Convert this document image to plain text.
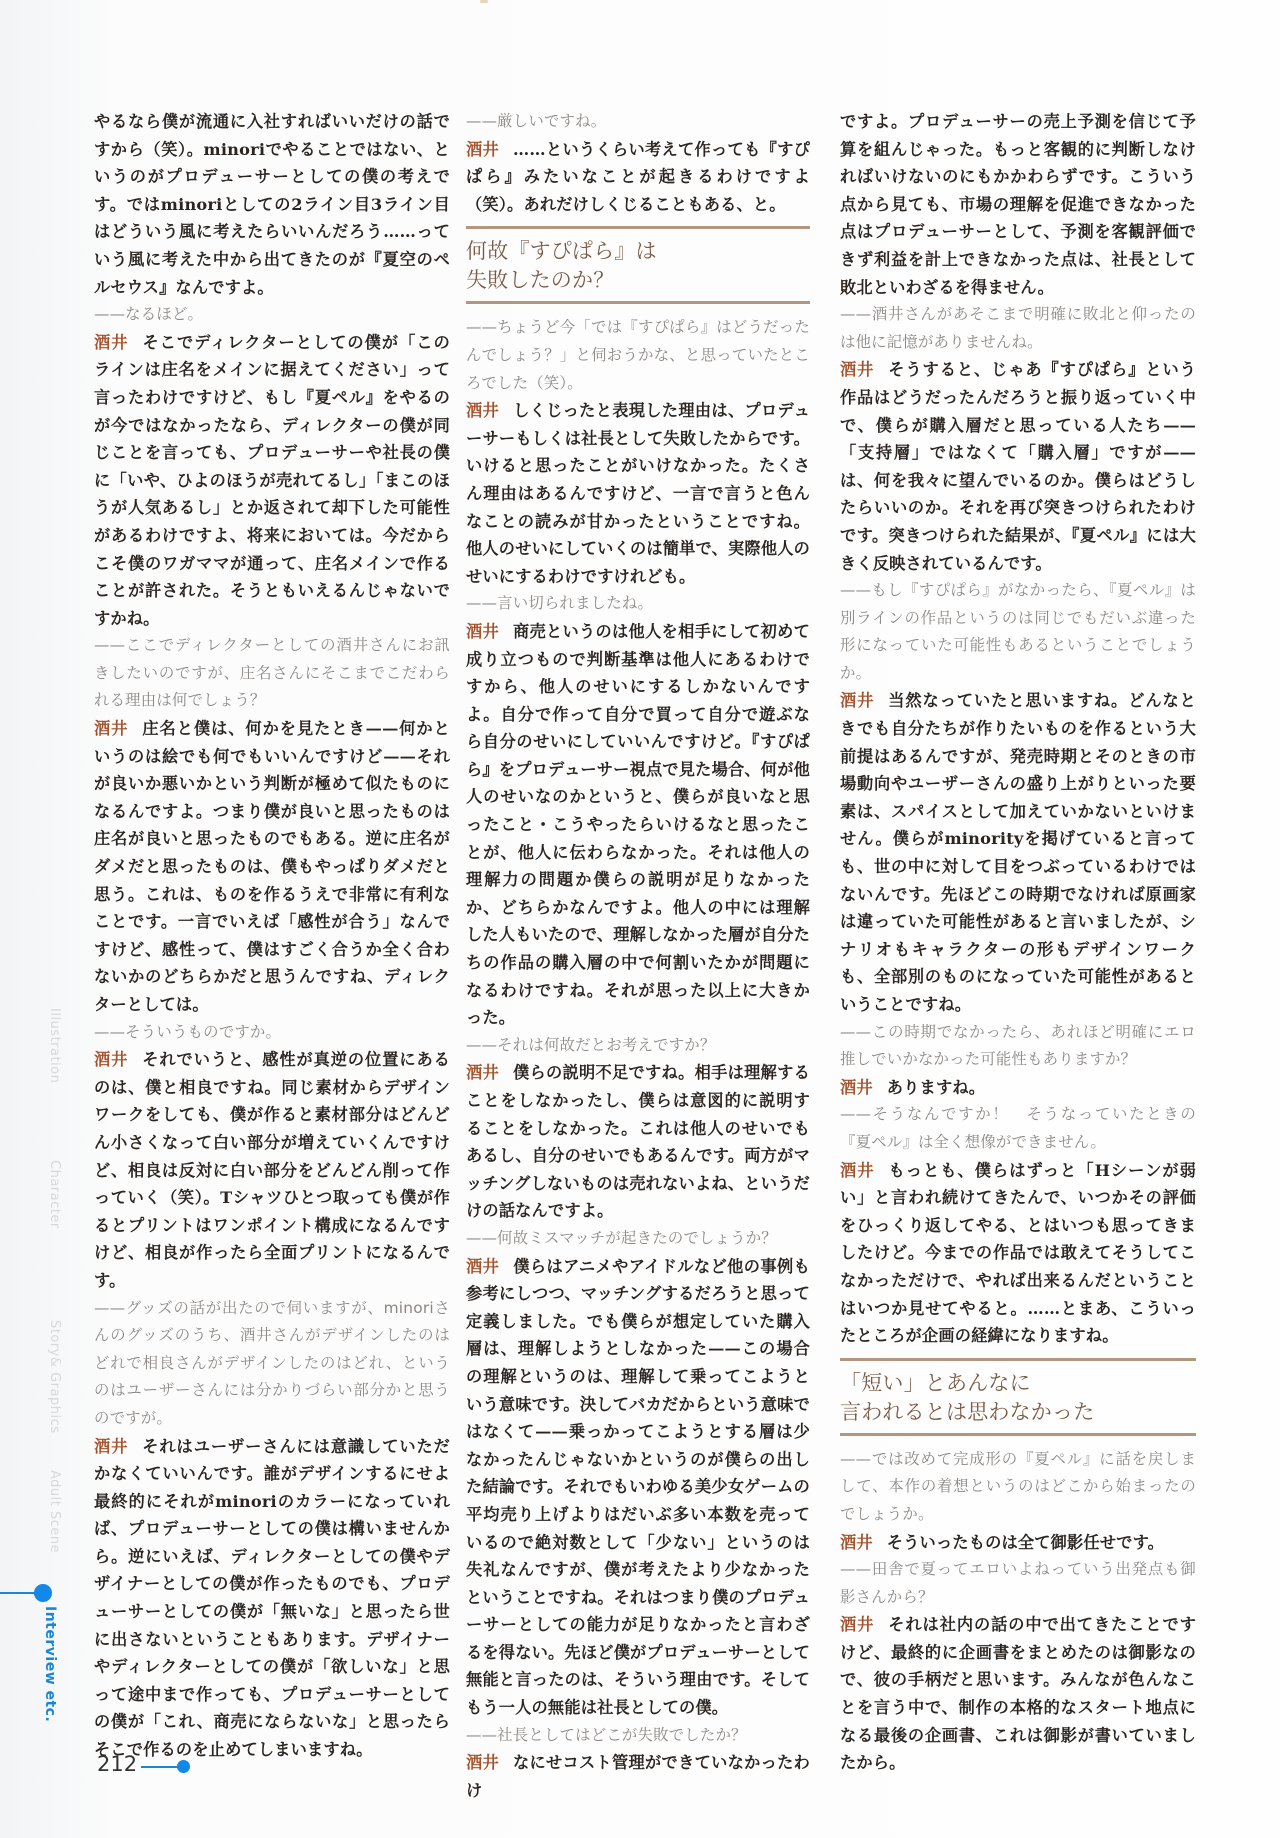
やるなら僕が流通に入社すればいいだけの話ですから（笑）。minoriでやることではない、というのがプロデューサーとしての僕の考えです。ではminoriとしての2ライン目3ライン目はどういう風に考えたらいいんだろう……っていう風に考えた中から出てきたのが『夏空のペルセウス』なんですよ。

——なるほど。

酒井 そこでディレクターとしての僕が「このラインは庄名をメインに据えてください」って言ったわけですけど、もし『夏ペル』をやるのが今ではなかったなら、ディレクターの僕が同じことを言っても、プロデューサーや社長の僕に「いや、ひよのほうが売れてるし」「まこのほうが人気あるし」とか返されて却下した可能性があるわけですよ、将来においては。今だからこそ僕のワガママが通って、庄名メインで作ることが許された。そうともいえるんじゃないですかね。

——ここでディレクターとしての酒井さんにお訊きしたいのですが、庄名さんにそこまでこだわられる理由は何でしょう？

酒井 庄名と僕は、何かを見たとき——何かというのは絵でも何でもいいんですけど——それが良いか悪いかという判断が極めて似たものになるんですよ。つまり僕が良いと思ったものは庄名が良いと思ったものでもある。逆に庄名がダメだと思ったものは、僕もやっぱりダメだと思う。これは、ものを作るうえで非常に有利なことです。一言でいえば「感性が合う」なんですけど、感性って、僕はすごく合うか全く合わないかのどちらかだと思うんですね、ディレクターとしては。

——そういうものですか。

酒井 それでいうと、感性が真逆の位置にあるのは、僕と相良ですね。同じ素材からデザインワークをしても、僕が作ると素材部分はどんどん小さくなって白い部分が増えていくんですけど、相良は反対に白い部分をどんどん削って作っていく（笑）。Tシャツひとつ取っても僕が作るとプリントはワンポイント構成になるんですけど、相良が作ったら全面プリントになるんです。

——グッズの話が出たので伺いますが、minoriさんのグッズのうち、酒井さんがデザインしたのはどれで相良さんがデザインしたのはどれ、というのはユーザーさんには分かりづらい部分かと思うのですが。

酒井 それはユーザーさんには意識していただかなくていいんです。誰がデザインするにせよ最終的にそれがminoriのカラーになっていれば、プロデューサーとしての僕は構いませんから。逆にいえば、ディレクターとしての僕やデザイナーとしての僕が作ったものでも、プロデューサーとしての僕が「無いな」と思ったら世に出さないということもあります。デザイナーやディレクターとしての僕が「欲しいな」と思って途中まで作っても、プロデューサーとしての僕が「これ、商売にならないな」と思ったらそこで作るのを止めてしまいますね。

——厳しいですね。

酒井 ……というくらい考えて作っても『すぴぱら』みたいなことが起きるわけですよ（笑）。あれだけしくじることもある、と。

何故『すぴぱら』は
失敗したのか？

——ちょうど今「では『すぴぱら』はどうだったんでしょう？」と伺おうかな、と思っていたところでした（笑）。

酒井 しくじったと表現した理由は、プロデューサーもしくは社長として失敗したからです。いけると思ったことがいけなかった。たくさん理由はあるんですけど、一言で言うと色んなことの読みが甘かったということですね。他人のせいにしていくのは簡単で、実際他人のせいにするわけですけれども。

——言い切られましたね。

酒井 商売というのは他人を相手にして初めて成り立つもので判断基準は他人にあるわけですから、他人のせいにするしかないんですよ。自分で作って自分で買って自分で遊ぶなら自分のせいにしていいんですけど。『すぴぱら』をプロデューサー視点で見た場合、何が他人のせいなのかというと、僕らが良いなと思ったこと・こうやったらいけるなと思ったことが、他人に伝わらなかった。それは他人の理解力の問題か僕らの説明が足りなかったか、どちらかなんですよ。他人の中には理解した人もいたので、理解しなかった層が自分たちの作品の購入層の中で何割いたかが問題になるわけですね。それが思った以上に大きかった。

——それは何故だとお考えですか？

酒井 僕らの説明不足ですね。相手は理解することをしなかったし、僕らは意図的に説明することをしなかった。これは他人のせいでもあるし、自分のせいでもあるんです。両方がマッチングしないものは売れないよね、というだけの話なんですよ。

——何故ミスマッチが起きたのでしょうか？

酒井 僕らはアニメやアイドルなど他の事例も参考にしつつ、マッチングするだろうと思って定義しました。でも僕らが想定していた購入層は、理解しようとしなかった——この場合の理解というのは、理解して乗ってこようという意味です。決してバカだからという意味ではなくて——乗っかってこようとする層は少なかったんじゃないかというのが僕らの出した結論です。それでもいわゆる美少女ゲームの平均売り上げよりはだいぶ多い本数を売っているので絶対数として「少ない」というのは失礼なんですが、僕が考えたより少なかったということですね。それはつまり僕のプロデューサーとしての能力が足りなかったと言わざるを得ない。先ほど僕がプロデューサーとして無能と言ったのは、そういう理由です。そしてもう一人の無能は社長としての僕。

——社長としてはどこが失敗でしたか？

酒井 なにせコスト管理ができていなかったわけ

ですよ。プロデューサーの売上予測を信じて予算を組んじゃった。もっと客観的に判断しなければいけないのにもかかわらずです。こういう点から見ても、市場の理解を促進できなかった点はプロデューサーとして、予測を客観評価できず利益を計上できなかった点は、社長として敗北といわざるを得ません。

——酒井さんがあそこまで明確に敗北と仰ったのは他に記憶がありませんね。

酒井 そうすると、じゃあ『すぴぱら』という作品はどうだったんだろうと振り返っていく中で、僕らが購入層だと思っている人たち——「支持層」ではなくて「購入層」ですが——は、何を我々に望んでいるのか。僕らはどうしたらいいのか。それを再び突きつけられたわけです。突きつけられた結果が、『夏ペル』には大きく反映されているんです。

——もし『すぴぱら』がなかったら、『夏ペル』は別ラインの作品というのは同じでもだいぶ違った形になっていた可能性もあるということでしょうか。

酒井 当然なっていたと思いますね。どんなときでも自分たちが作りたいものを作るという大前提はあるんですが、発売時期とそのときの市場動向やユーザーさんの盛り上がりといった要素は、スパイスとして加えていかないといけません。僕らがminorityを掲げていると言っても、世の中に対して目をつぶっているわけではないんです。先ほどこの時期でなければ原画家は違っていた可能性があると言いましたが、シナリオもキャラクターの形もデザインワークも、全部別のものになっていた可能性があるということですね。

——この時期でなかったら、あれほど明確にエロ推しでいかなかった可能性もありますか？

酒井 ありますね。

——そうなんですか！　そうなっていたときの『夏ペル』は全く想像ができません。

酒井 もっとも、僕らはずっと「Hシーンが弱い」と言われ続けてきたんで、いつかその評価をひっくり返してやる、とはいつも思ってきましたけど。今までの作品では敢えてそうしてこなかっただけで、やれば出来るんだということはいつか見せてやると。……とまあ、こういったところが企画の経緯になりますね。

「短い」とあんなに
言われるとは思わなかった

——では改めて完成形の『夏ペル』に話を戻しまして、本作の着想というのはどこから始まったのでしょうか。

酒井 そういったものは全て御影任せです。

——田舎で夏ってエロいよねっていう出発点も御影さんから？

酒井 それは社内の話の中で出てきたことですけど、最終的に企画書をまとめたのは御影なので、彼の手柄だと思います。みんなが色んなことを言う中で、制作の本格的なスタート地点になる最後の企画書、これは御影が書いていましたから。

Illustration
Character
Story& Graphics
Adult Scene
Interview etc.
212
